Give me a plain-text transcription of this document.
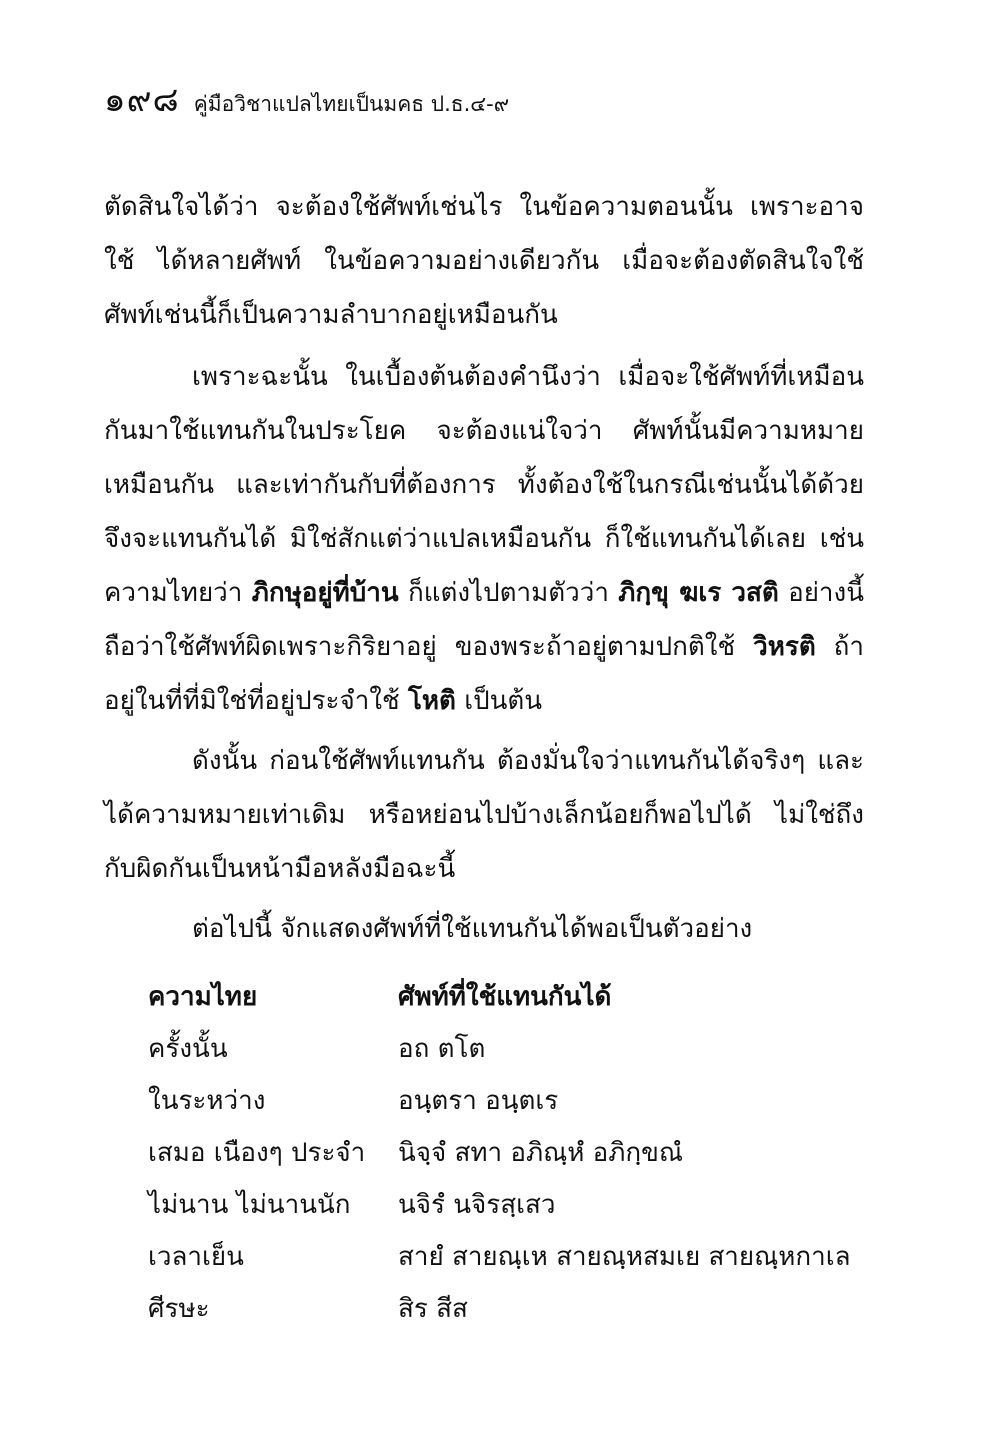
๑๙๘ คู่มือวิชาแปลไทยเป็นมคธ ป.ธ.๔-๙

ตัดสินใจได้ว่า จะต้องใช้ศัพท์เช่นไร ในข้อความตอนนั้น เพราะอาจใช้ ได้หลายศัพท์ ในข้อความอย่างเดียวกัน เมื่อจะต้องตัดสินใจใช้ศัพท์เช่นนี้ก็เป็นความลำบากอยู่เหมือนกัน

เพราะฉะนั้น ในเบื้องต้นต้องคำนึงว่า เมื่อจะใช้ศัพท์ที่เหมือนกันมาใช้แทนกันในประโยค จะต้องแน่ใจว่า ศัพท์นั้นมีความหมายเหมือนกัน และเท่ากันกับที่ต้องการ ทั้งต้องใช้ในกรณีเช่นนั้นได้ด้วย จึงจะแทนกันได้ มิใช่สักแต่ว่าแปลเหมือนกัน ก็ใช้แทนกันได้เลย เช่น ความไทยว่า ภิกษุอยู่ที่บ้าน ก็แต่งไปตามตัวว่า ภิกฺขุ ฆเร วสติ อย่างนี้ ถือว่าใช้ศัพท์ผิดเพราะกิริยาอยู่ ของพระถ้าอยู่ตามปกติใช้ วิหรติ ถ้าอยู่ในที่ที่มิใช่ที่อยู่ประจำใช้ โหติ เป็นต้น

ดังนั้น ก่อนใช้ศัพท์แทนกัน ต้องมั่นใจว่าแทนกันได้จริงๆ และได้ความหมายเท่าเดิม หรือหย่อนไปบ้างเล็กน้อยก็พอไปได้ ไม่ใช่ถึงกับผิดกันเป็นหน้ามือหลังมือฉะนี้

ต่อไปนี้ จักแสดงศัพท์ที่ใช้แทนกันได้พอเป็นตัวอย่าง

ความไทย	ศัพท์ที่ใช้แทนกันได้
ครั้งนั้น	อถ ตโต
ในระหว่าง	อนฺตรา อนฺตเร
เสมอ เนืองๆ ประจำ	นิจฺจํ สทา อภิณฺหํ อภิกฺขณํ
ไม่นาน ไม่นานนัก	นจิรํ นจิรสฺเสว
เวลาเย็น	สายํ สายณฺเห สายณฺหสมเย สายณฺหกาเล
ศีรษะ	สิร สีส
